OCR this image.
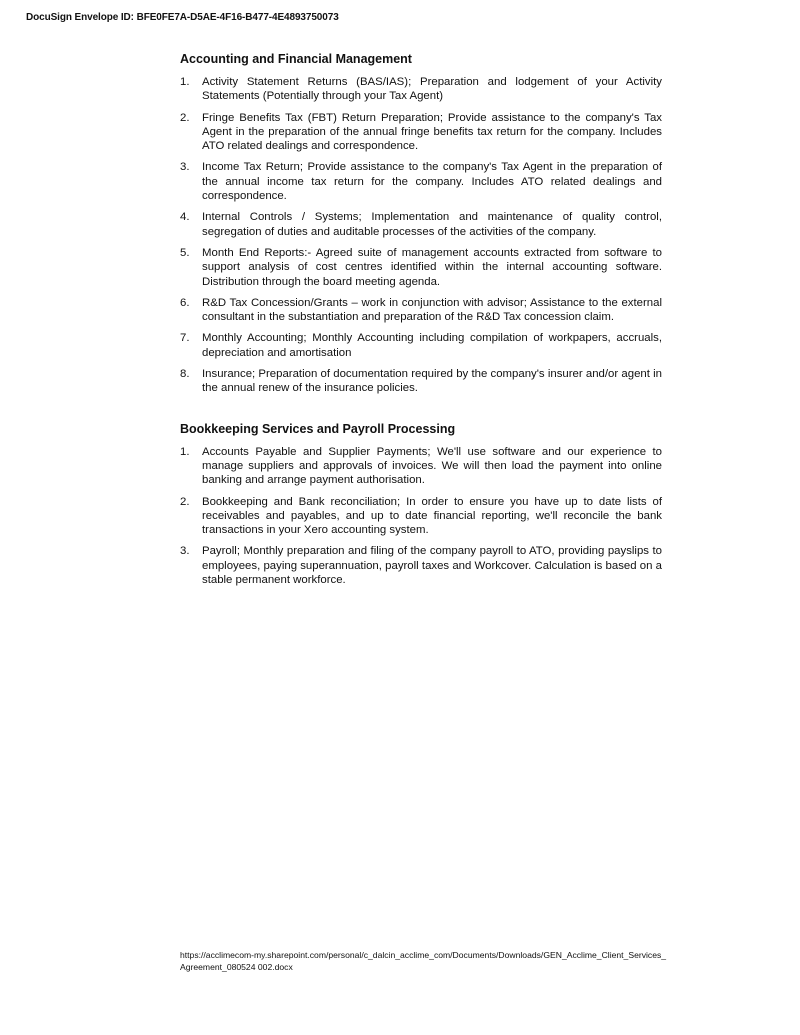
DocuSign Envelope ID: BFE0FE7A-D5AE-4F16-B477-4E4893750073
Accounting and Financial Management
1. Activity Statement Returns (BAS/IAS); Preparation and lodgement of your Activity Statements (Potentially through your Tax Agent)
2. Fringe Benefits Tax (FBT) Return Preparation; Provide assistance to the company's Tax Agent in the preparation of the annual fringe benefits tax return for the company. Includes ATO related dealings and correspondence.
3. Income Tax Return; Provide assistance to the company's Tax Agent in the preparation of the annual income tax return for the company. Includes ATO related dealings and correspondence.
4. Internal Controls / Systems; Implementation and maintenance of quality control, segregation of duties and auditable processes of the activities of the company.
5. Month End Reports:- Agreed suite of management accounts extracted from software to support analysis of cost centres identified within the internal accounting software. Distribution through the board meeting agenda.
6. R&D Tax Concession/Grants – work in conjunction with advisor; Assistance to the external consultant in the substantiation and preparation of the R&D Tax concession claim.
7. Monthly Accounting; Monthly Accounting including compilation of workpapers, accruals, depreciation and amortisation
8. Insurance; Preparation of documentation required by the company's insurer and/or agent in the annual renew of the insurance policies.
Bookkeeping Services and Payroll Processing
1. Accounts Payable and Supplier Payments; We'll use software and our experience to manage suppliers and approvals of invoices. We will then load the payment into online banking and arrange payment authorisation.
2. Bookkeeping and Bank reconciliation; In order to ensure you have up to date lists of receivables and payables, and up to date financial reporting, we'll reconcile the bank transactions in your Xero accounting system.
3. Payroll; Monthly preparation and filing of the company payroll to ATO, providing payslips to employees, paying superannuation, payroll taxes and Workcover. Calculation is based on a stable permanent workforce.
https://acclimecom-my.sharepoint.com/personal/c_dalcin_acclime_com/Documents/Downloads/GEN_Acclime_Client_Services_Agreement_080524 002.docx
